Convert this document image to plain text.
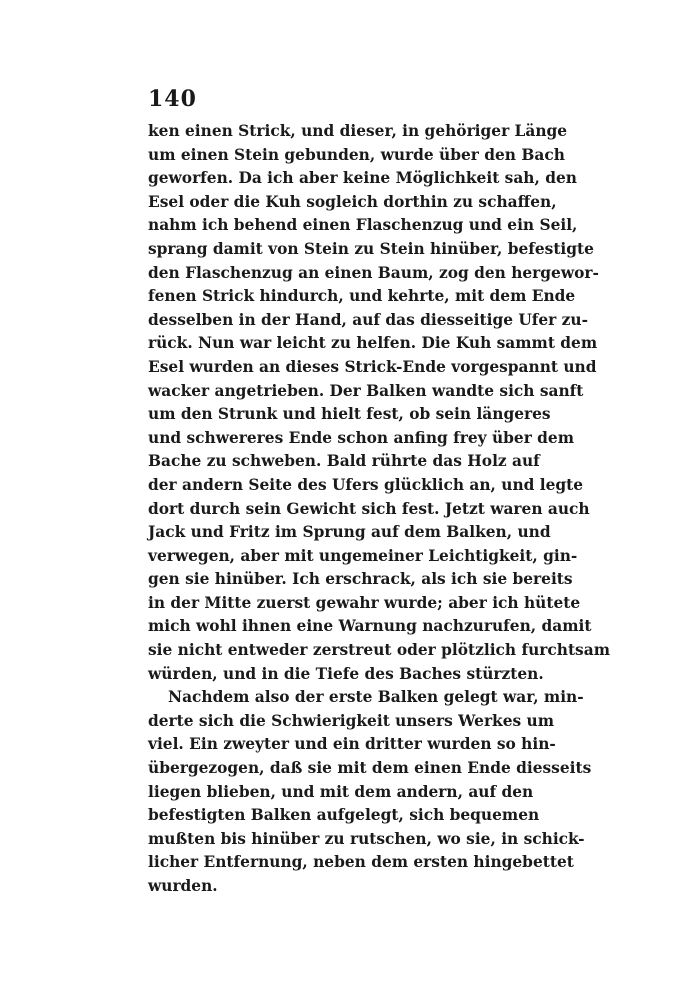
140
ken einen Strick, und dieser, in gehöriger Länge
um einen Stein gebunden, wurde über den Bach
geworfen. Da ich aber keine Möglichkeit sah, den
Esel oder die Kuh sogleich dorthin zu schaffen,
nahm ich behend einen Flaschenzug und ein Seil,
sprang damit von Stein zu Stein hinüber, befestigte
den Flaschenzug an einen Baum, zog den hergewor-
fenen Strick hindurch, und kehrte, mit dem Ende
desselben in der Hand, auf das diesseitige Ufer zu-
rück. Nun war leicht zu helfen. Die Kuh sammt dem
Esel wurden an dieses Strick-Ende vorgespannt und
wacker angetrieben. Der Balken wandte sich sanft
um den Strunk und hielt fest, ob sein längeres
und schwereres Ende schon anfing frey über dem
Bache zu schweben. Bald rührte das Holz auf
der andern Seite des Ufers glücklich an, und legte
dort durch sein Gewicht sich fest. Jetzt waren auch
Jack und Fritz im Sprung auf dem Balken, und
verwegen, aber mit ungemeiner Leichtigkeit, gin-
gen sie hinüber. Ich erschrack, als ich sie bereits
in der Mitte zuerst gewahr wurde; aber ich hütete
mich wohl ihnen eine Warnung nachzurufen, damit
sie nicht entweder zerstreut oder plötzlich furchtsam
würden, und in die Tiefe des Baches stürzten.
Nachdem also der erste Balken gelegt war, min-
derte sich die Schwierigkeit unsers Werkes um
viel. Ein zweyter und ein dritter wurden so hin-
übergezogen, daß sie mit dem einen Ende diesseits
liegen blieben, und mit dem andern, auf den
befestigten Balken aufgelegt, sich bequemen
mußten bis hinüber zu rutschen, wo sie, in schick-
licher Entfernung, neben dem ersten hingebettet
wurden.
